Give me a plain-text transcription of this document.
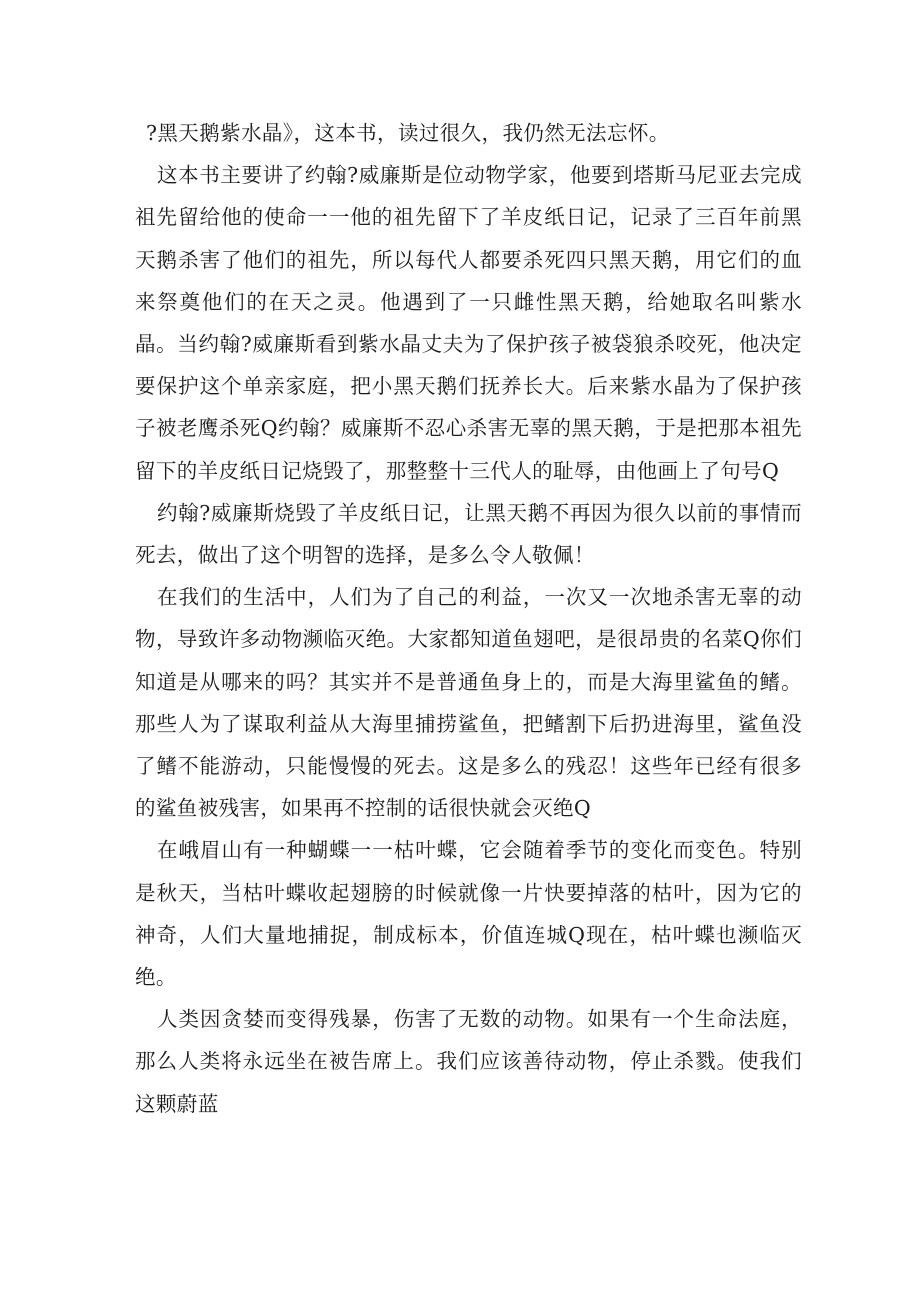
?黑天鹅紫水晶》，这本书，读过很久，我仍然无法忘怀。

这本书主要讲了约翰?威廉斯是位动物学家，他要到塔斯马尼亚去完成祖先留给他的使命一一他的祖先留下了羊皮纸日记，记录了三百年前黑天鹅杀害了他们的祖先，所以每代人都要杀死四只黑天鹅，用它们的血来祭奠他们的在天之灵。他遇到了一只雌性黑天鹅，给她取名叫紫水晶。当约翰?威廉斯看到紫水晶丈夫为了保护孩子被袋狼杀咬死，他决定要保护这个单亲家庭，把小黑天鹅们抚养长大。后来紫水晶为了保护孩子被老鹰杀死Q约翰？威廉斯不忍心杀害无辜的黑天鹅，于是把那本祖先留下的羊皮纸日记烧毁了，那整整十三代人的耻辱，由他画上了句号Q

约翰?威廉斯烧毁了羊皮纸日记，让黑天鹅不再因为很久以前的事情而死去，做出了这个明智的选择，是多么令人敬佩！

在我们的生活中，人们为了自己的利益，一次又一次地杀害无辜的动物，导致许多动物濒临灭绝。大家都知道鱼翅吧，是很昂贵的名菜Q你们知道是从哪来的吗？其实并不是普通鱼身上的，而是大海里鲨鱼的鳍。那些人为了谋取利益从大海里捕捞鲨鱼，把鳍割下后扔进海里，鲨鱼没了鳍不能游动，只能慢慢的死去。这是多么的残忍！这些年已经有很多的鲨鱼被残害，如果再不控制的话很快就会灭绝Q

在峨眉山有一种蝴蝶一一枯叶蝶，它会随着季节的变化而变色。特别是秋天，当枯叶蝶收起翅膀的时候就像一片快要掉落的枯叶，因为它的神奇，人们大量地捕捉，制成标本，价值连城Q现在，枯叶蝶也濒临灭绝。

人类因贪婪而变得残暴，伤害了无数的动物。如果有一个生命法庭，那么人类将永远坐在被告席上。我们应该善待动物，停止杀戮。使我们这颗蔚蓝
